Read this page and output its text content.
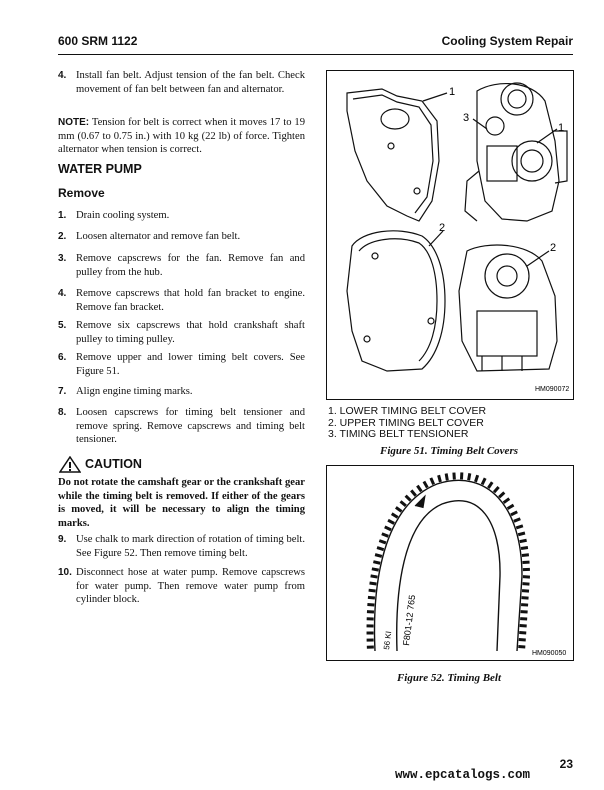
600 SRM 1122	Cooling System Repair
4. Install fan belt. Adjust tension of the fan belt. Check movement of fan belt between fan and alternator.
NOTE: Tension for belt is correct when it moves 17 to 19 mm (0.67 to 0.75 in.) with 10 kg (22 lb) of force. Tighten alternator when tension is correct.
WATER PUMP
Remove
1. Drain cooling system.
2. Loosen alternator and remove fan belt.
3. Remove capscrews for the fan. Remove fan and pulley from the hub.
4. Remove capscrews that hold fan bracket to engine. Remove fan bracket.
5. Remove six capscrews that hold crankshaft shaft pulley to timing pulley.
6. Remove upper and lower timing belt covers. See Figure 51.
7. Align engine timing marks.
8. Loosen capscrews for timing belt tensioner and remove spring. Remove capscrews and timing belt tensioner.
CAUTION
Do not rotate the camshaft gear or the crankshaft gear while the timing belt is removed. If either of the gears is moved, it will be necessary to align the timing marks.
9. Use chalk to mark direction of rotation of timing belt. See Figure 52. Then remove timing belt.
10. Disconnect hose at water pump. Remove capscrews for water pump. Then remove water pump from cylinder block.
1
3
1
2
2
HM090072
1. LOWER TIMING BELT COVER
2. UPPER TIMING BELT COVER
3. TIMING BELT TENSIONER
Figure 51. Timing Belt Covers
F801-12 765
56 KI
HM090050
Figure 52. Timing Belt
23
www.epcatalogs.com
